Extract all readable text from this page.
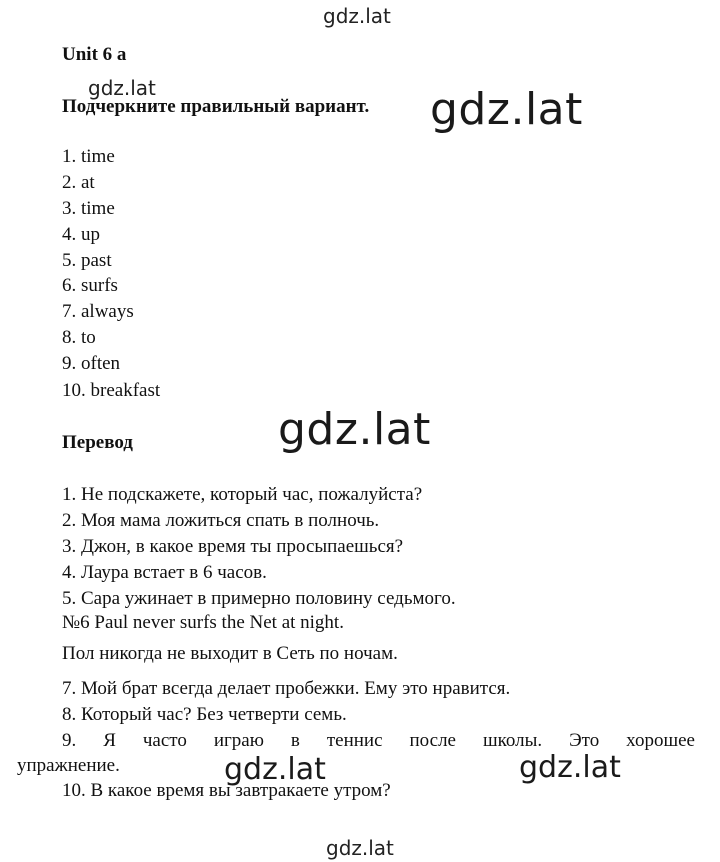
gdz.lat
gdz.lat	gdz.lat
gdz.lat
gdz.lat	gdz.lat
gdz.lat
Unit 6 a
Подчеркните правильный вариант.
1. time
2. at
3. time
4. up
5. past
6. surfs
7. always
8. to
9. often
10. breakfast
Перевод
1. Не подскажете, который час, пожалуйста?
2. Моя мама ложиться спать в полночь.
3. Джон, в какое время ты просыпаешься?
4. Лаура встает в 6 часов.
5. Сара ужинает в примерно половину седьмого.
№6 Paul never surfs the Net at night.
Пол никогда не выходит в Сеть по ночам.
7. Мой брат всегда делает пробежки. Ему это нравится.
8. Который час? Без четверти семь.
9. Я часто играю в теннис после школы. Это хорошее
упражнение.
10. В какое время вы завтракаете утром?
